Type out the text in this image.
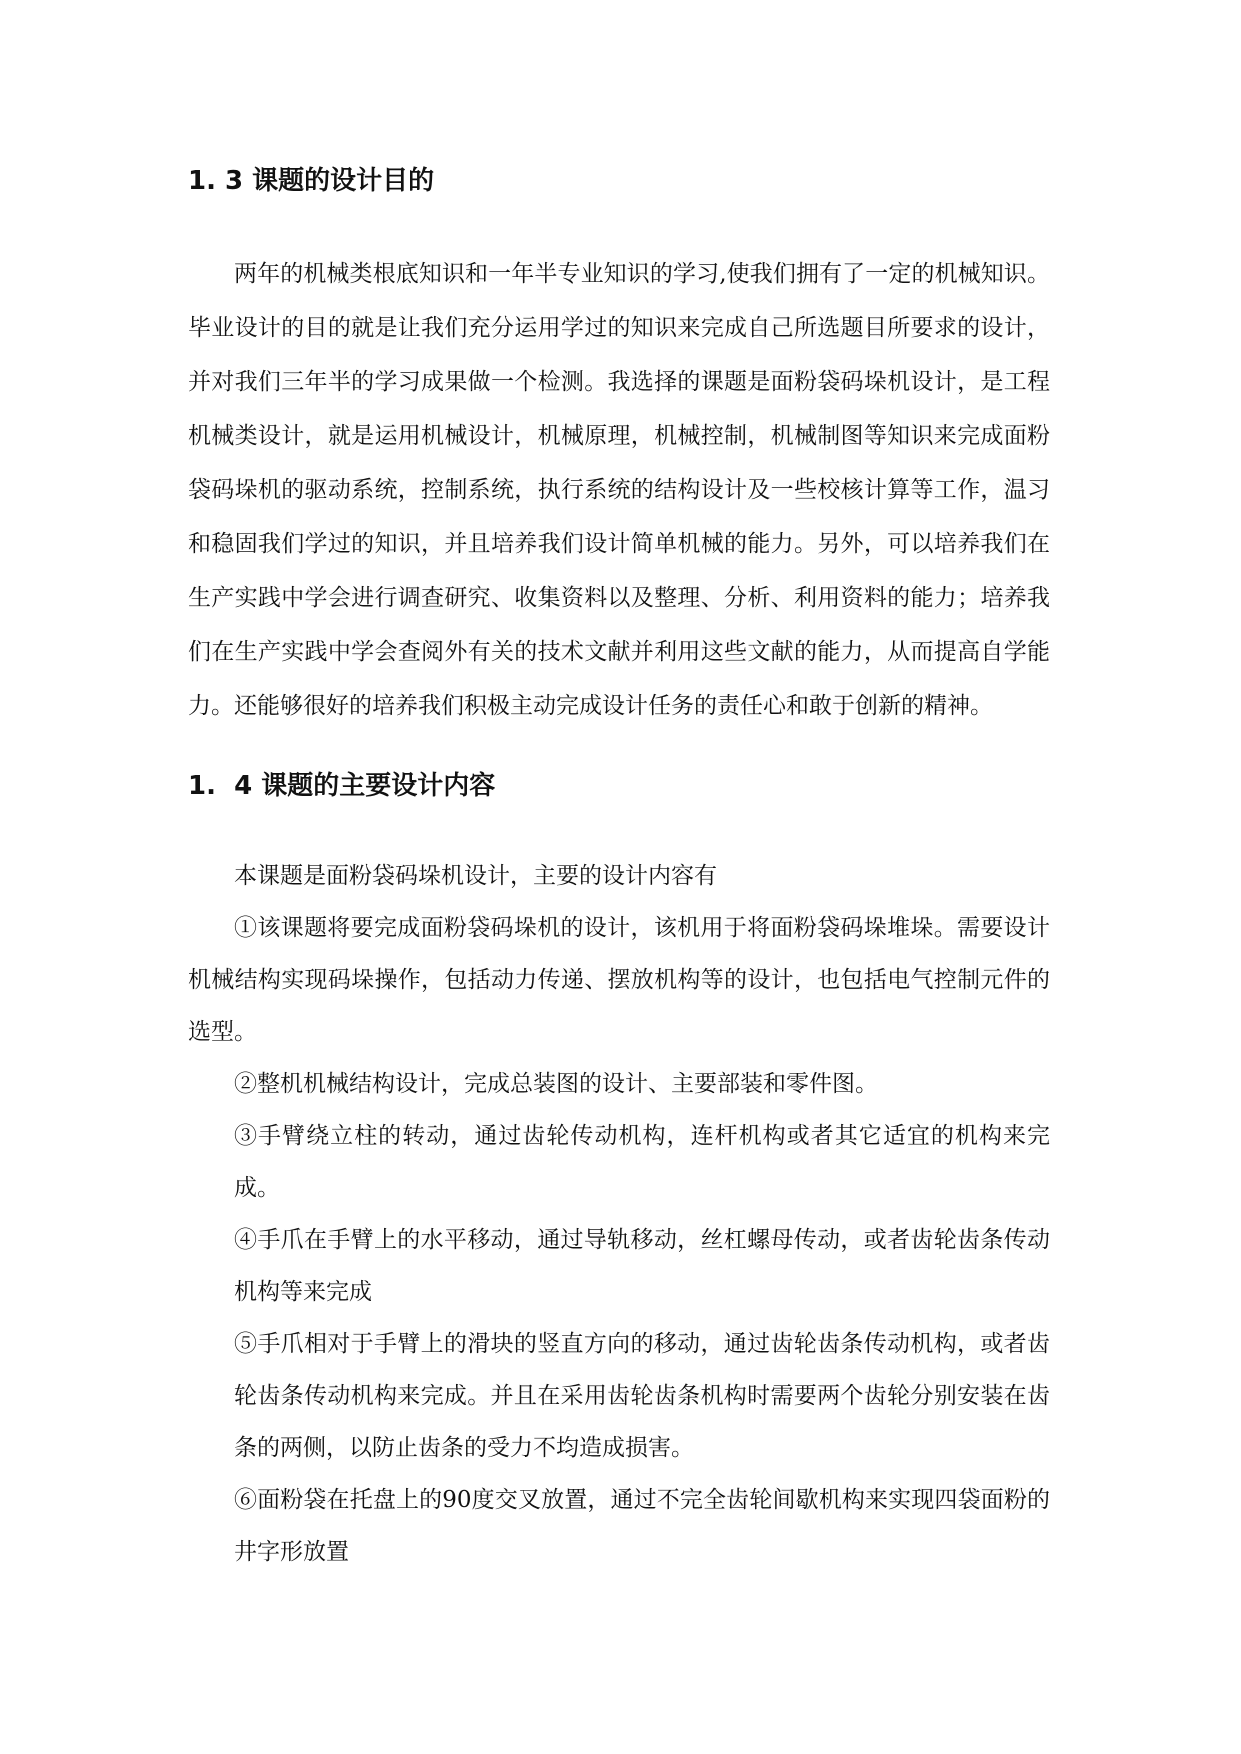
1. 3 课题的设计目的

两年的机械类根底知识和一年半专业知识的学习,使我们拥有了一定的机械知识。毕业设计的目的就是让我们充分运用学过的知识来完成自己所选题目所要求的设计，并对我们三年半的学习成果做一个检测。我选择的课题是面粉袋码垛机设计，是工程机械类设计，就是运用机械设计，机械原理，机械控制，机械制图等知识来完成面粉袋码垛机的驱动系统，控制系统，执行系统的结构设计及一些校核计算等工作，温习和稳固我们学过的知识，并且培养我们设计简单机械的能力。另外，可以培养我们在生产实践中学会进行调查研究、收集资料以及整理、分析、利用资料的能力；培养我们在生产实践中学会查阅外有关的技术文献并利用这些文献的能力，从而提高自学能力。还能够很好的培养我们积极主动完成设计任务的责任心和敢于创新的精神。

1.  4 课题的主要设计内容

本课题是面粉袋码垛机设计，主要的设计内容有

①该课题将要完成面粉袋码垛机的设计，该机用于将面粉袋码垛堆垛。需要设计机械结构实现码垛操作，包括动力传递、摆放机构等的设计，也包括电气控制元件的选型。

②整机机械结构设计，完成总装图的设计、主要部装和零件图。

③手臂绕立柱的转动，通过齿轮传动机构，连杆机构或者其它适宜的机构来完成。

④手爪在手臂上的水平移动，通过导轨移动，丝杠螺母传动，或者齿轮齿条传动机构等来完成

⑤手爪相对于手臂上的滑块的竖直方向的移动，通过齿轮齿条传动机构，或者齿轮齿条传动机构来完成。并且在采用齿轮齿条机构时需要两个齿轮分别安装在齿条的两侧，以防止齿条的受力不均造成损害。

⑥面粉袋在托盘上的90度交叉放置，通过不完全齿轮间歇机构来实现四袋面粉的井字形放置
